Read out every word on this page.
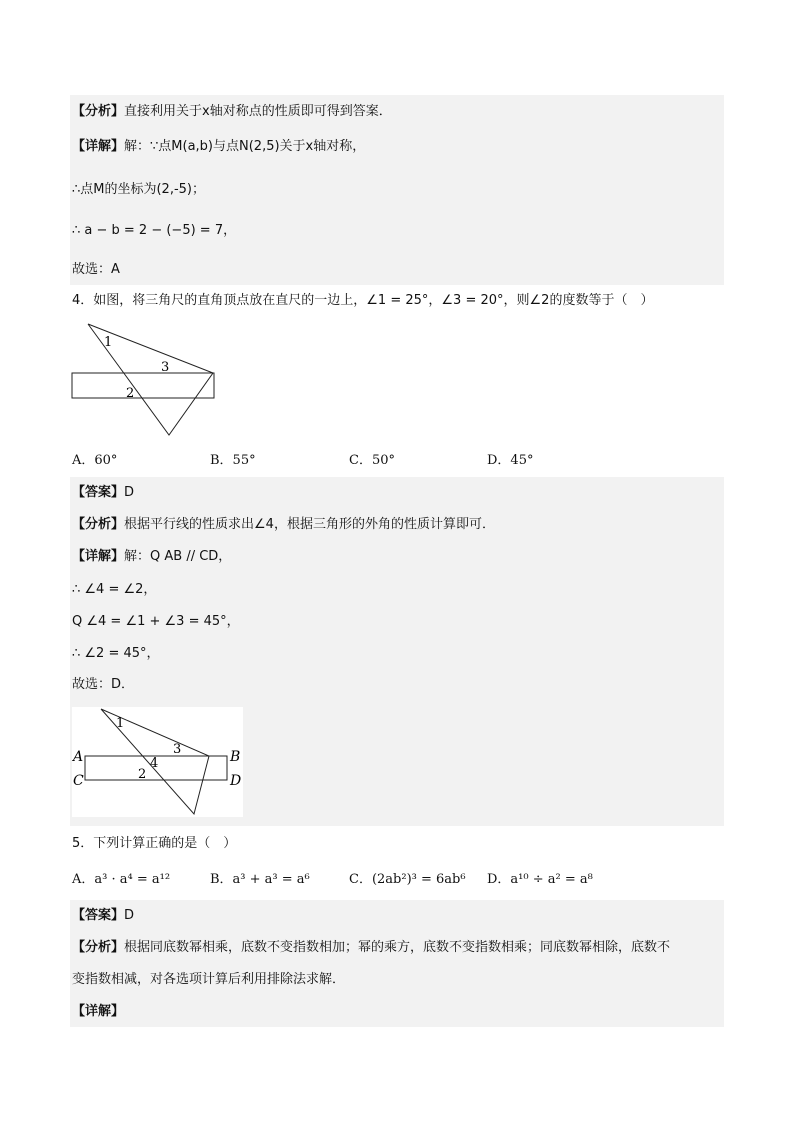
【分析】直接利用关于x轴对称点的性质即可得到答案．
【详解】解：∵点M(a,b)与点N(2,5)关于x轴对称，
∴点M的坐标为(2,-5)；
∴ a − b = 2 − (−5) = 7，
故选：A
4．如图，将三角尺的直角顶点放在直尺的一边上，∠1 = 25°，∠3 = 20°，则∠2的度数等于（　）
1
3
2
A．60°	B．55°	C．50°	D．45°
【答案】D
【分析】根据平行线的性质求出∠4，根据三角形的外角的性质计算即可．
【详解】解：Q AB // CD，
∴ ∠4 = ∠2，
Q ∠4 = ∠1 + ∠3 = 45°，
∴ ∠2 = 45°，
故选：D．
1
3
4
2
A	B
C	D
5．下列计算正确的是（　）
A．a³ · a⁴ = a¹²	B．a³ + a³ = a⁶	C．(2ab²)³ = 6ab⁶ D．a¹⁰ ÷ a² = a⁸
【答案】D
【分析】根据同底数幂相乘，底数不变指数相加；幂的乘方，底数不变指数相乘；同底数幂相除，底数不
变指数相减，对各选项计算后利用排除法求解．
【详解】
